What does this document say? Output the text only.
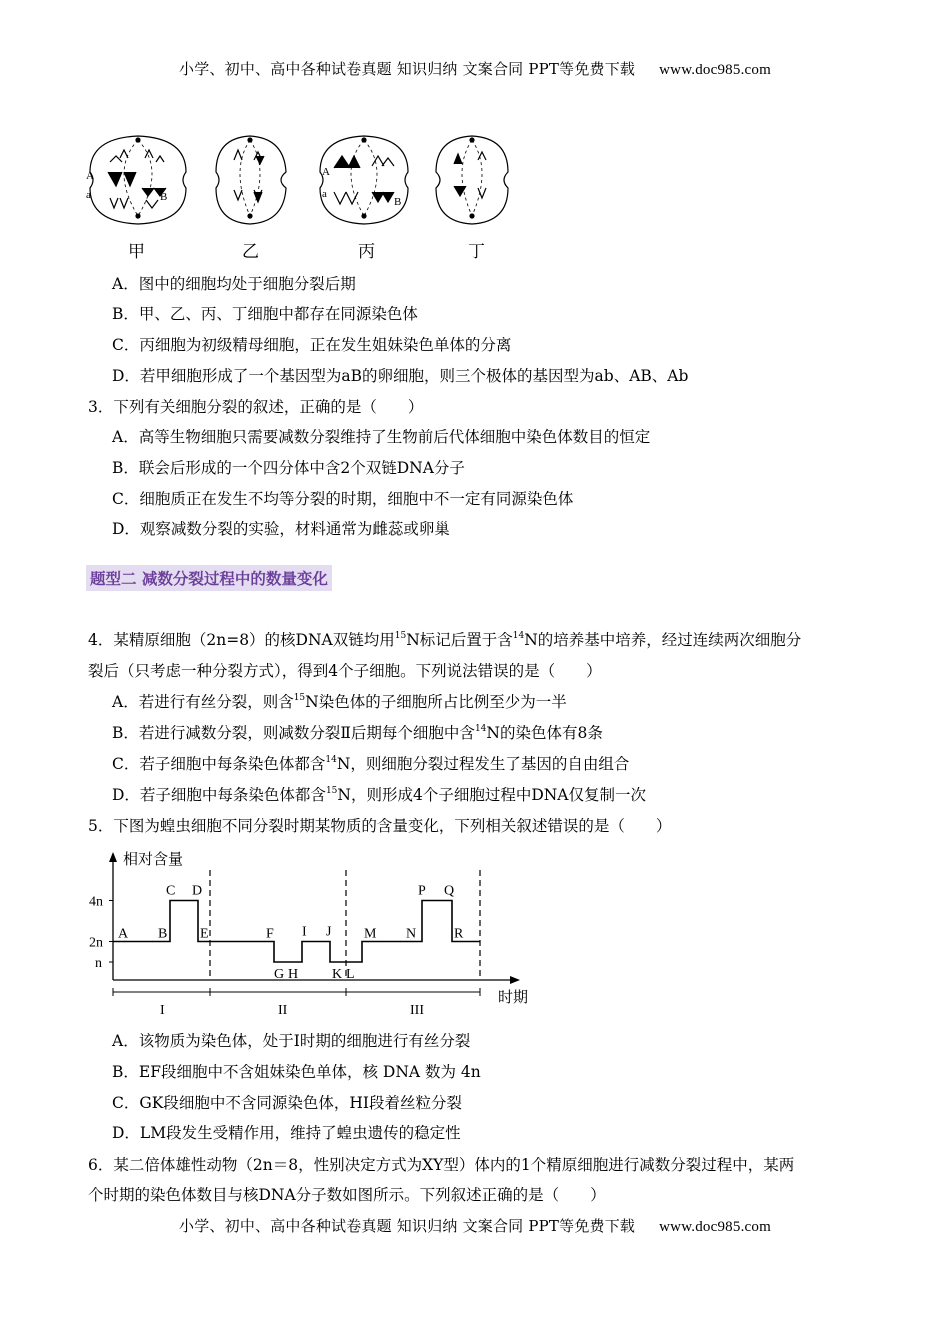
小学、初中、高中各种试卷真题 知识归纳 文案合同 PPT等免费下载 www.doc985.com
A
a	B
A
a
B
甲	乙	丙	丁
A．图中的细胞均处于细胞分裂后期
B．甲、乙、丙、丁细胞中都存在同源染色体
C．丙细胞为初级精母细胞，正在发生姐妹染色单体的分离
D．若甲细胞形成了一个基因型为aB的卵细胞，则三个极体的基因型为ab、AB、Ab
3．下列有关细胞分裂的叙述，正确的是（　　）
A．高等生物细胞只需要减数分裂维持了生物前后代体细胞中染色体数目的恒定
B．联会后形成的一个四分体中含2个双链DNA分子
C．细胞质正在发生不均等分裂的时期，细胞中不一定有同源染色体
D．观察减数分裂的实验，材料通常为雌蕊或卵巢
题型二 减数分裂过程中的数量变化
4．某精原细胞（2n=8）的核DNA双链均用$^{15}$N标记后置于含$^{14}$N的培养基中培养，经过连续两次细胞分
裂后（只考虑一种分裂方式），得到4个子细胞。下列说法错误的是（　　）
A．若进行有丝分裂，则含$^{15}$N染色体的子细胞所占比例至少为一半
B．若进行减数分裂，则减数分裂Ⅱ后期每个细胞中含$^{14}$N的染色体有8条
C．若子细胞中每条染色体都含$^{14}$N，则细胞分裂过程发生了基因的自由组合
D．若子细胞中每条染色体都含$^{15}$N，则形成4个子细胞过程中DNA仅复制一次
5．下图为蝗虫细胞不同分裂时期某物质的含量变化，下列相关叙述错误的是（　　）
相对含量
时期
4n
2n
n
A B
C D
E	F
G H
I J
K L
M N
P Q
R
I	II	III
A．该物质为染色体，处于Ⅰ时期的细胞进行有丝分裂
B．EF段细胞中不含姐妹染色单体，核 DNA 数为 4n
C．GK段细胞中不含同源染色体，HI段着丝粒分裂
D．LM段发生受精作用，维持了蝗虫遗传的稳定性
6．某二倍体雄性动物（2n＝8，性别决定方式为XY型）体内的1个精原细胞进行减数分裂过程中，某两
个时期的染色体数目与核DNA分子数如图所示。下列叙述正确的是（　　）
小学、初中、高中各种试卷真题 知识归纳 文案合同 PPT等免费下载 www.doc985.com
